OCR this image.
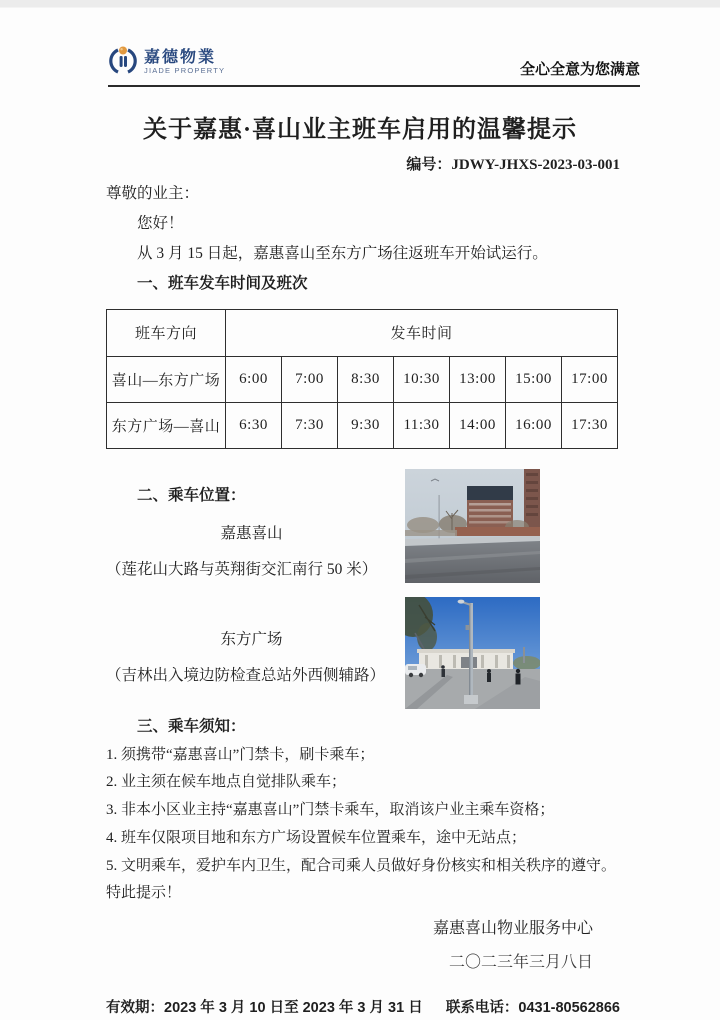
嘉德物業
JIADE PROPERTY	全心全意为您满意
关于嘉惠·喜山业主班车启用的温馨提示
编号：JDWY-JHXS-2023-03-001

尊敬的业主：

您好！

从 3 月 15 日起，嘉惠喜山至东方广场往返班车开始试运行。

一、班车发车时间及班次

班车方向	发车时间						
喜山—东方广场	6:00	7:00	8:30	10:30	13:00	15:00	17:00
东方广场—喜山	6:30	7:30	9:30	11:30	14:00	16:00	17:30

二、乘车位置：

嘉惠喜山

（莲花山大路与英翔街交汇南行 50 米）

东方广场

（吉林出入境边防检查总站外西侧辅路）

三、乘车须知：

1. 须携带“嘉惠喜山”门禁卡，刷卡乘车；

2. 业主须在候车地点自觉排队乘车；

3. 非本小区业主持“嘉惠喜山”门禁卡乘车，取消该户业主乘车资格；

4. 班车仅限项目地和东方广场设置候车位置乘车，途中无站点；

5. 文明乘车，爱护车内卫生，配合司乘人员做好身份核实和相关秩序的遵守。

特此提示！

嘉惠喜山物业服务中心

二〇二三年三月八日

有效期：2023 年 3 月 10 日至 2023 年 3 月 31 日 联系电话：0431-80562866
